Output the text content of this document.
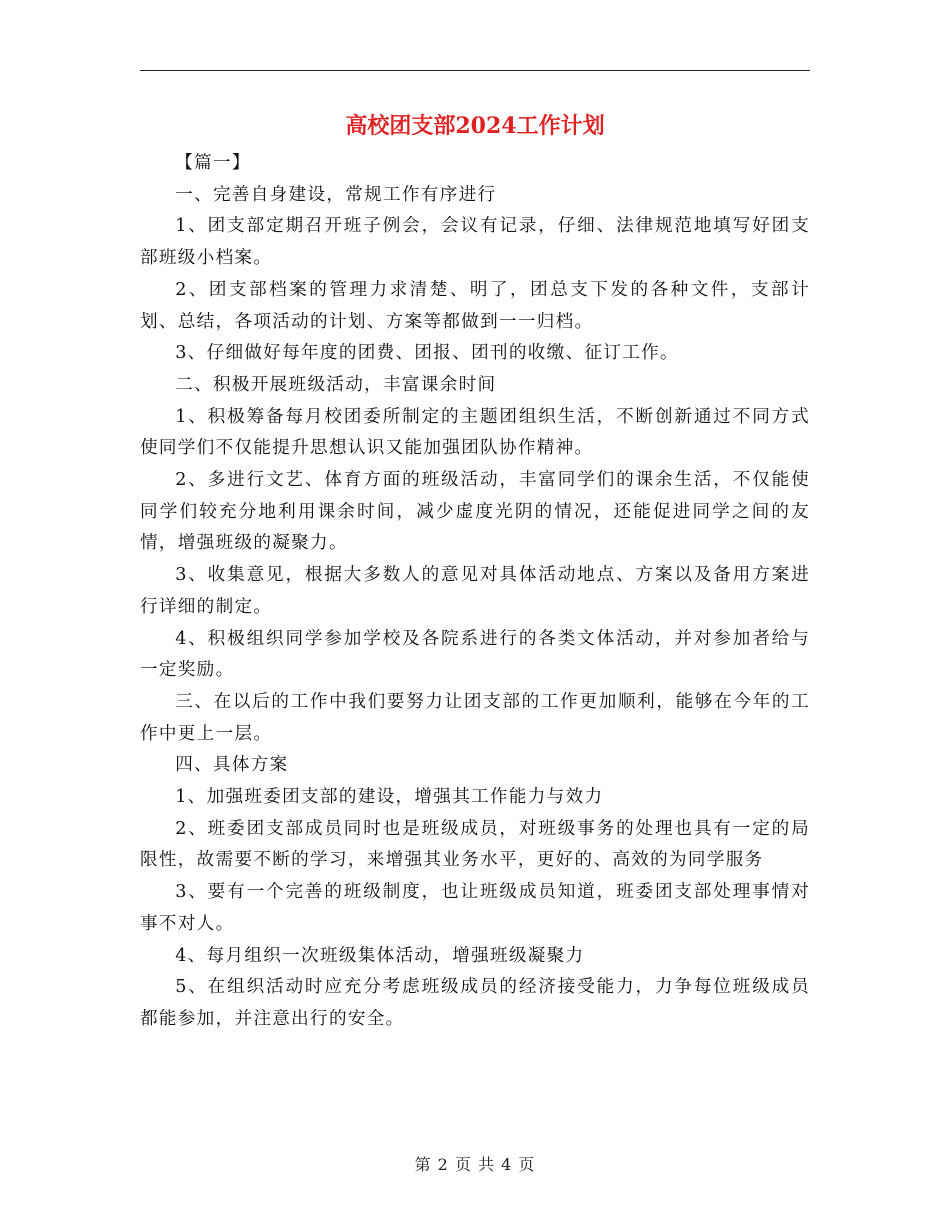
高校团支部2024工作计划

【篇一】

一、完善自身建设，常规工作有序进行

1、团支部定期召开班子例会，会议有记录，仔细、法律规范地填写好团支部班级小档案。

2、团支部档案的管理力求清楚、明了，团总支下发的各种文件，支部计划、总结，各项活动的计划、方案等都做到一一归档。

3、仔细做好每年度的团费、团报、团刊的收缴、征订工作。

二、积极开展班级活动，丰富课余时间

1、积极筹备每月校团委所制定的主题团组织生活，不断创新通过不同方式使同学们不仅能提升思想认识又能加强团队协作精神。

2、多进行文艺、体育方面的班级活动，丰富同学们的课余生活，不仅能使同学们较充分地利用课余时间，减少虚度光阴的情况，还能促进同学之间的友情，增强班级的凝聚力。

3、收集意见，根据大多数人的意见对具体活动地点、方案以及备用方案进行详细的制定。

4、积极组织同学参加学校及各院系进行的各类文体活动，并对参加者给与一定奖励。

三、在以后的工作中我们要努力让团支部的工作更加顺利，能够在今年的工作中更上一层。

四、具体方案

1、加强班委团支部的建设，增强其工作能力与效力

2、班委团支部成员同时也是班级成员，对班级事务的处理也具有一定的局限性，故需要不断的学习，来增强其业务水平，更好的、高效的为同学服务

3、要有一个完善的班级制度，也让班级成员知道，班委团支部处理事情对事不对人。

4、每月组织一次班级集体活动，增强班级凝聚力

5、在组织活动时应充分考虑班级成员的经济接受能力，力争每位班级成员都能参加，并注意出行的安全。

第 2 页 共 4 页
